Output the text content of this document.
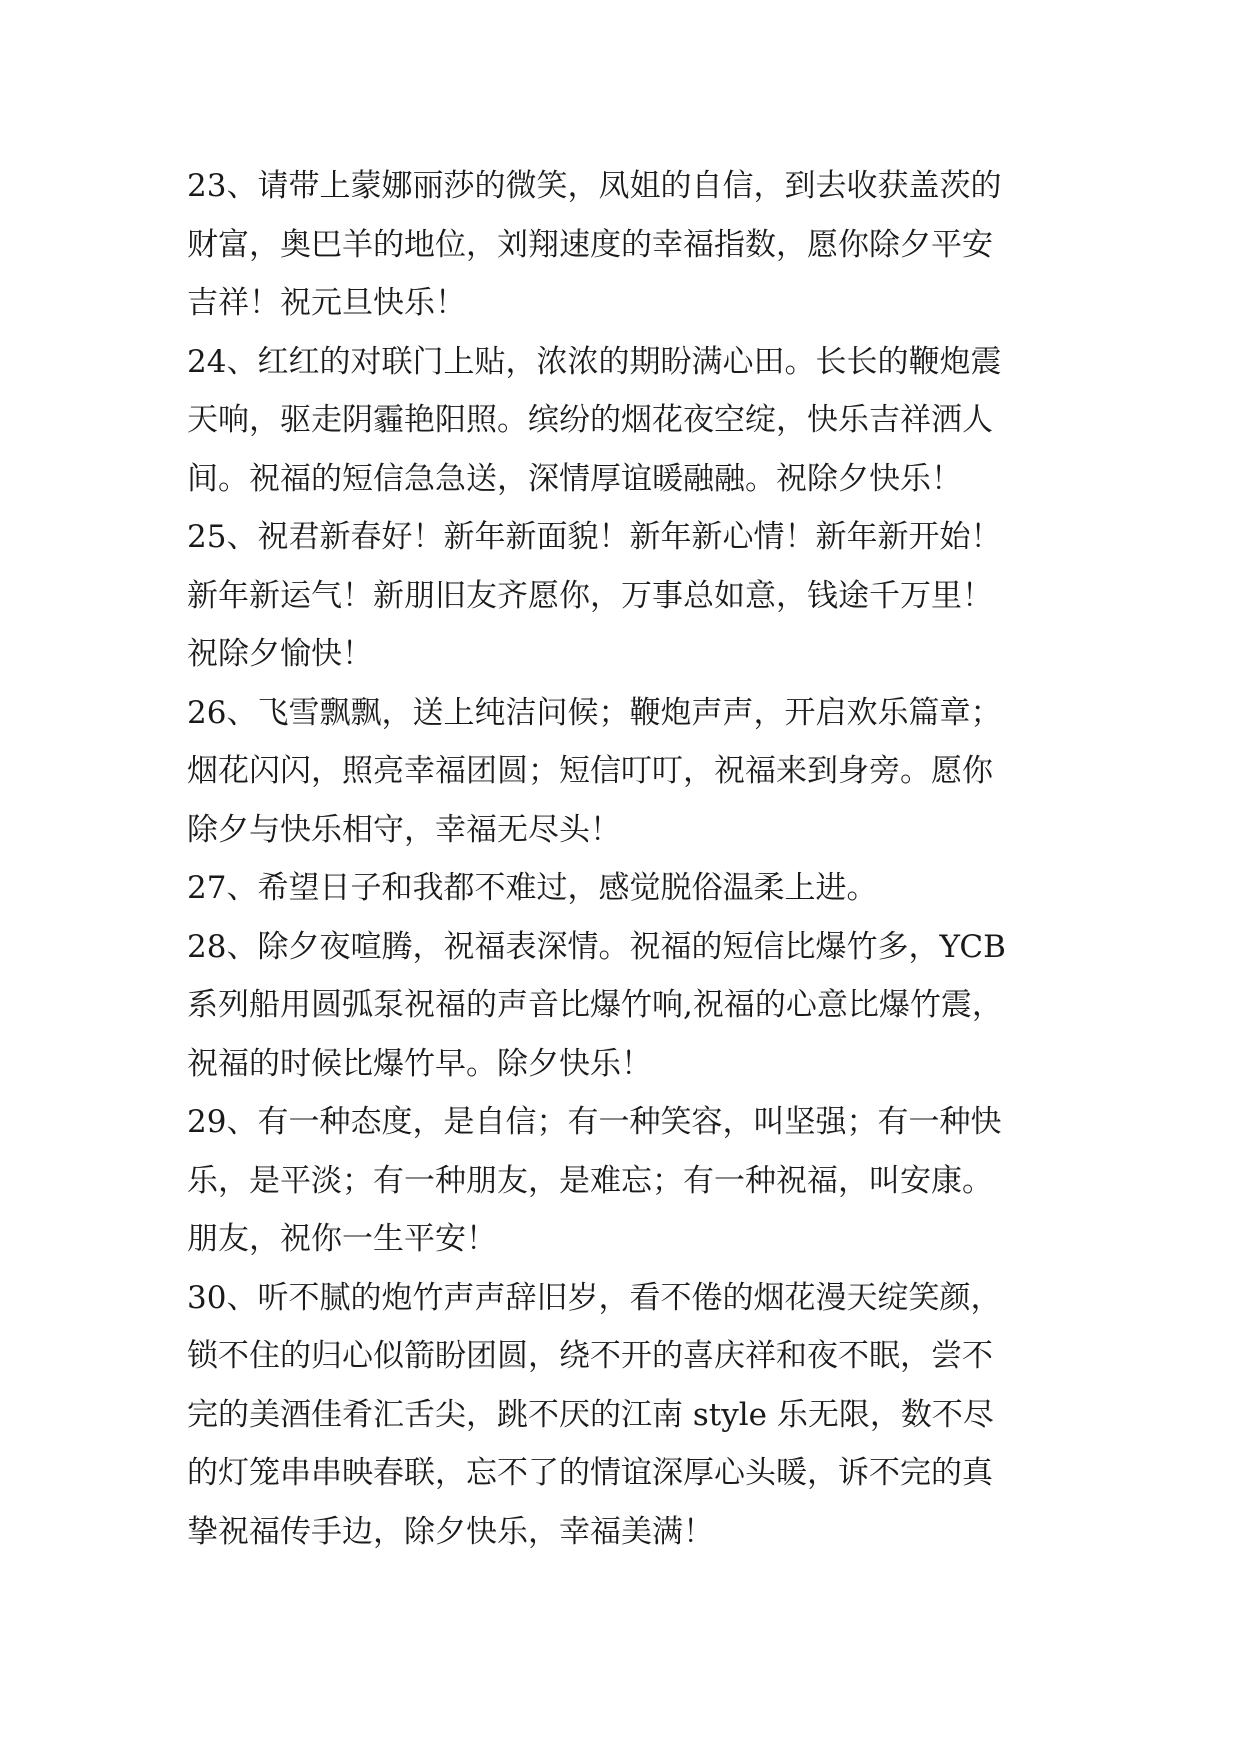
23、请带上蒙娜丽莎的微笑，凤姐的自信，到去收获盖茨的
财富，奥巴羊的地位，刘翔速度的幸福指数，愿你除夕平安
吉祥！祝元旦快乐！
24、红红的对联门上贴，浓浓的期盼满心田。长长的鞭炮震
天响，驱走阴霾艳阳照。缤纷的烟花夜空绽，快乐吉祥洒人
间。祝福的短信急急送，深情厚谊暖融融。祝除夕快乐！
25、祝君新春好！新年新面貌！新年新心情！新年新开始！
新年新运气！新朋旧友齐愿你，万事总如意，钱途千万里！
祝除夕愉快！
26、飞雪飘飘，送上纯洁问候；鞭炮声声，开启欢乐篇章；
烟花闪闪，照亮幸福团圆；短信叮叮，祝福来到身旁。愿你
除夕与快乐相守，幸福无尽头！
27、希望日子和我都不难过，感觉脱俗温柔上进。
28、除夕夜喧腾，祝福表深情。祝福的短信比爆竹多，YCB
系列船用圆弧泵祝福的声音比爆竹响,祝福的心意比爆竹震，
祝福的时候比爆竹早。除夕快乐！
29、有一种态度，是自信；有一种笑容，叫坚强；有一种快
乐，是平淡；有一种朋友，是难忘；有一种祝福，叫安康。
朋友，祝你一生平安！
30、听不腻的炮竹声声辞旧岁，看不倦的烟花漫天绽笑颜，
锁不住的归心似箭盼团圆，绕不开的喜庆祥和夜不眠，尝不
完的美酒佳肴汇舌尖，跳不厌的江南 style 乐无限，数不尽
的灯笼串串映春联，忘不了的情谊深厚心头暖，诉不完的真
挚祝福传手边，除夕快乐，幸福美满！
